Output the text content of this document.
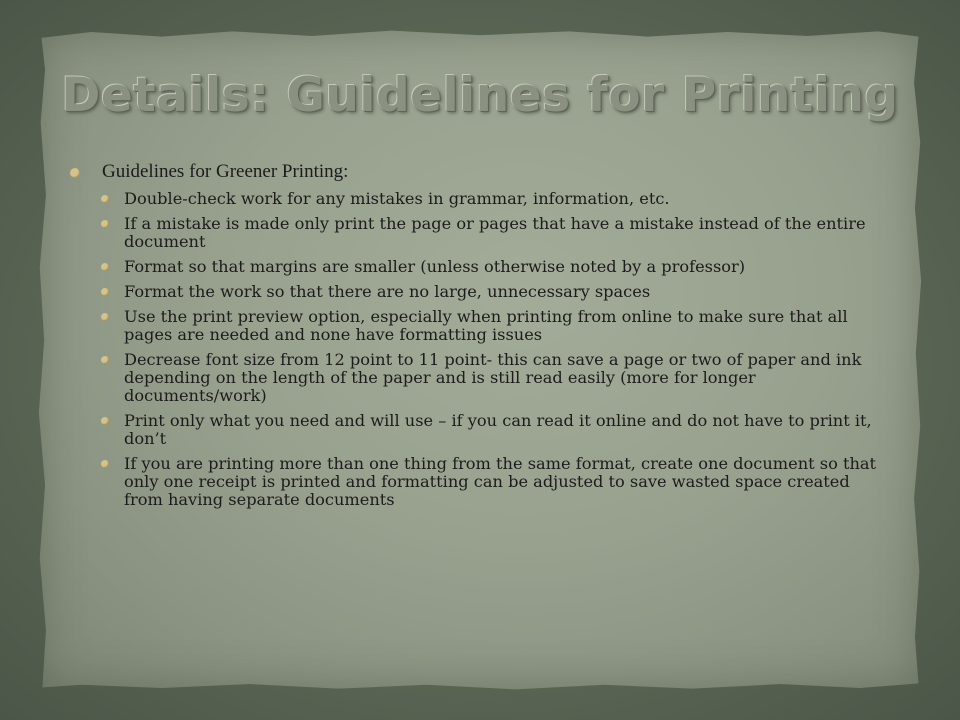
Details: Guidelines for Printing
Guidelines for Greener Printing:
Double-check work for any mistakes in grammar, information, etc.
If a mistake is made only print the page or pages that have a mistake instead of the entire document
Format so that margins are smaller (unless otherwise noted by a professor)
Format the work so that there are no large, unnecessary spaces
Use the print preview option, especially when printing from online to make sure that all pages are needed and none have formatting issues
Decrease font size from 12 point to 11 point- this can save a page or two of paper and ink depending on the length of the paper and is still read easily (more for longer documents/work)
Print only what you need and will use – if you can read it online and do not have to print it, don’t
If you are printing more than one thing from the same format, create one document so that only one receipt is printed and formatting can be adjusted to save wasted space created from having separate documents
